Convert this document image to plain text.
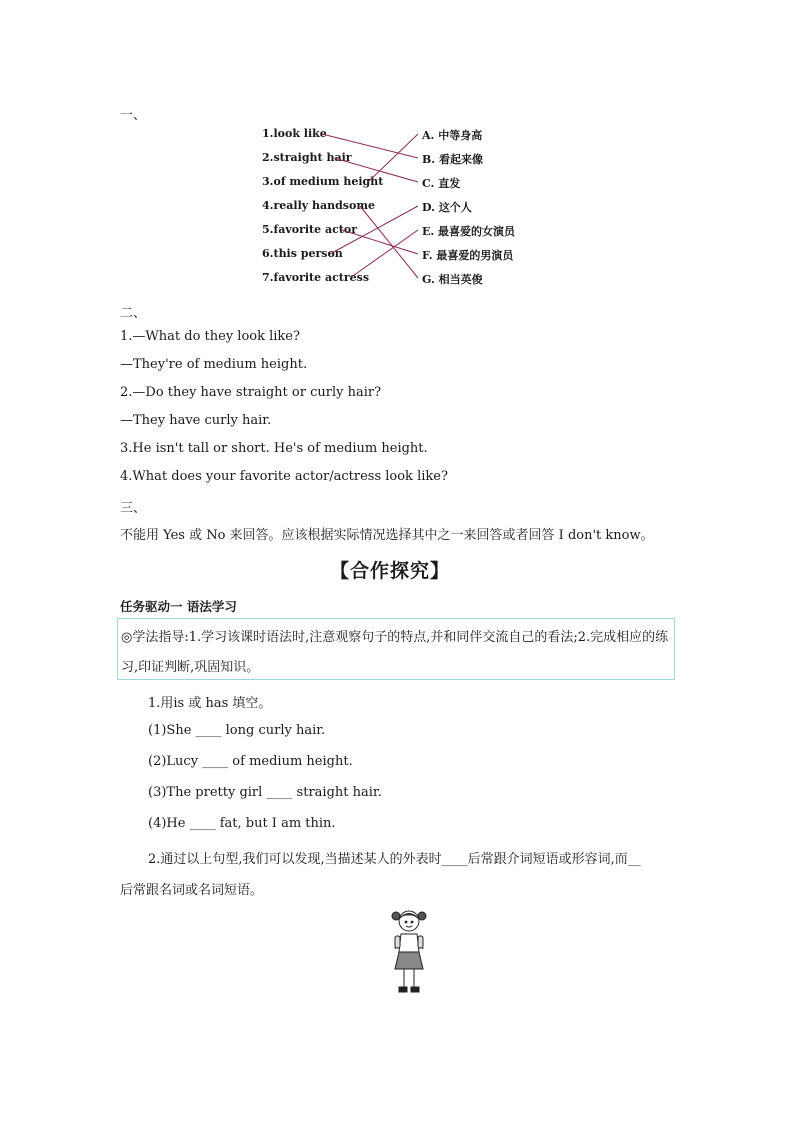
一、
1.look like
2.straight hair
3.of medium height
4.really handsome
5.favorite actor
6.this person
7.favorite actress
A. 中等身高
B. 看起来像
C. 直发
D. 这个人
E. 最喜爱的女演员
F. 最喜爱的男演员
G. 相当英俊
二、
1.—What do they look like?
—They're of medium height.
2.—Do they have straight or curly hair?
—They have curly hair.
3.He isn't tall or short. He's of medium height.
4.What does your favorite actor/actress look like?
三、
不能用 Yes 或 No 来回答。应该根据实际情况选择其中之一来回答或者回答 I don't know。
【合作探究】
任务驱动一 语法学习
◎学法指导:1.学习该课时语法时,注意观察句子的特点,并和同伴交流自己的看法;2.完成相应的练习,印证判断,巩固知识。
1.用is 或 has 填空。
(1)She ____ long curly hair.
(2)Lucy ____ of medium height.
(3)The pretty girl ____ straight hair.
(4)He ____ fat, but I am thin.
2.通过以上句型,我们可以发现,当描述某人的外表时____后常跟介词短语或形容词,而__
后常跟名词或名词短语。
